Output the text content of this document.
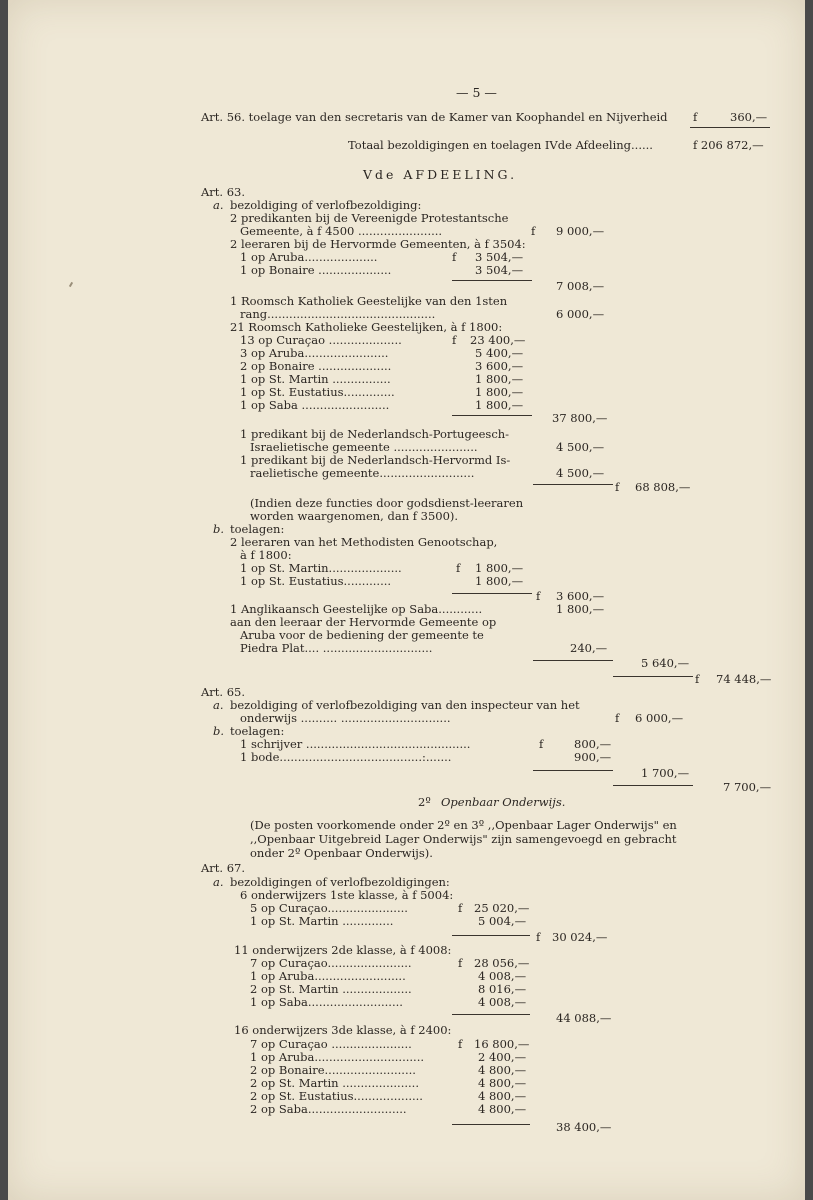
— 5 —
Art. 56. toelage van den secretaris van de Kamer van Koophandel en Nijverheid f	360,—
Totaal bezoldigingen en toelagen IVde Afdeeling......	f 206 872,—
Vde AFDEELING.
Art. 63.
a. bezoldiging of verlofbezoldiging:
2 predikanten bij de Vereenigde Protestantsche
Gemeente, à f 4500 .......................	f 9 000,—
2 leeraren bij de Hervormde Gemeenten, à f 3504:
1 op Aruba....................	f 3 504,—
1 op Bonaire ....................	3 504,—
7 008,—
1 Roomsch Katholiek Geestelijke van den 1sten
rang..............................................	6 000,—
21 Roomsch Katholieke Geestelijken, à f 1800:
13 op Curaçao ....................	f 23 400,—
3 op Aruba.......................	5 400,—
2 op Bonaire ....................	3 600,—
1 op St. Martin ................	1 800,—
1 op St. Eustatius..............	1 800,—
1 op Saba ........................	1 800,—
37 800,—
1 predikant bij de Nederlandsch-Portugeesch-
Israelietische gemeente .......................	4 500,—
1 predikant bij de Nederlandsch-Hervormd Is-
raelietische gemeente..........................	4 500,—
f 68 808,—
(Indien deze functies door godsdienst-leeraren
worden waargenomen, dan f 3500).
b. toelagen:
2 leeraren van het Methodisten Genootschap,
à f 1800:
1 op St. Martin....................	f 1 800,—
1 op St. Eustatius.............	1 800,—
f 3 600,—
1 Anglikaansch Geestelijke op Saba............	1 800,—
aan den leeraar der Hervormde Gemeente op
Aruba voor de bediening der gemeente te
Piedra Plat.... ..............................	240,—
5 640,—
f 74 448,—
Art. 65.
a. bezoldiging of verlofbezoldiging van den inspecteur van het
onderwijs .......... ..............................	f 6 000,—
b. toelagen:
1 schrijver .............................................	f	800,—
1 bode.......................................:.......	900,—
1 700,—
7 700,—
2º Openbaar Onderwijs.
(De posten voorkomende onder 2º en 3º ,,Openbaar Lager Onderwijs" en
,,Openbaar Uitgebreid Lager Onderwijs" zijn samengevoegd en gebracht
onder 2º Openbaar Onderwijs).
Art. 67.
a. bezoldigingen of verlofbezoldigingen:
6 onderwijzers 1ste klasse, à f 5004:
5 op Curaçao......................	f 25 020,—
1 op St. Martin ..............	5 004,—
f 30 024,—
11 onderwijzers 2de klasse, à f 4008:
7 op Curaçao.......................	f 28 056,—
1 op Aruba.........................	4 008,—
2 op St. Martin ...................	8 016,—
1 op Saba..........................	4 008,—
44 088,—
16 onderwijzers 3de klasse, à f 2400:
7 op Curaçao ......................	f 16 800,—
1 op Aruba..............................	2 400,—
2 op Bonaire.........................	4 800,—
2 op St. Martin .....................	4 800,—
2 op St. Eustatius...................	4 800,—
2 op Saba...........................	4 800,—
38 400,—
